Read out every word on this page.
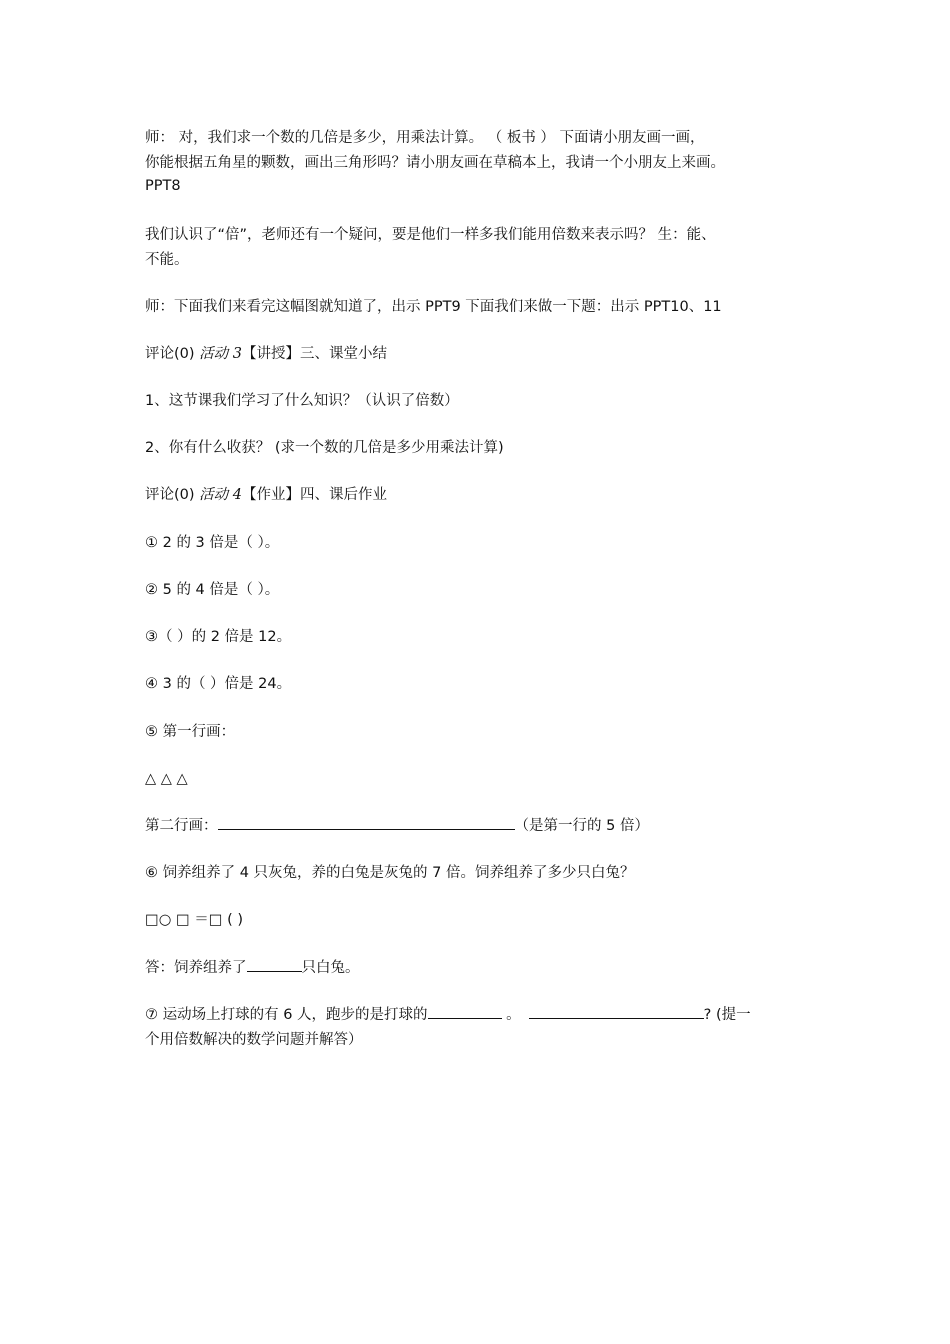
师： 对，我们求一个数的几倍是多少，用乘法计算。 （ 板书 ） 下面请小朋友画一画，
你能根据五角星的颗数，画出三角形吗？请小朋友画在草稿本上，我请一个小朋友上来画。
PPT8
我们认识了“倍”，老师还有一个疑问，要是他们一样多我们能用倍数来表示吗？ 生：能、
不能。
师：下面我们来看完这幅图就知道了，出示 PPT9 下面我们来做一下题：出示 PPT10、11
评论(0) 活动 3【讲授】三、课堂小结
1、这节课我们学习了什么知识？（认识了倍数）
2、你有什么收获？ (求一个数的几倍是多少用乘法计算)
评论(0) 活动 4【作业】四、课后作业
① 2 的 3 倍是（ ）。
② 5 的 4 倍是（ ）。
③（ ）的 2 倍是 12。
④ 3 的（ ）倍是 24。
⑤ 第一行画：
△ △ △
第二行画：	（是第一行的 5 倍）
⑥ 饲养组养了 4 只灰兔，养的白兔是灰兔的 7 倍。饲养组养了多少只白兔？
□○ □ ＝□ ( )
答：饲养组养了	只白兔。
⑦ 运动场上打球的有 6 人，跑步的是打球的	。	? (提一
个用倍数解决的数学问题并解答）
